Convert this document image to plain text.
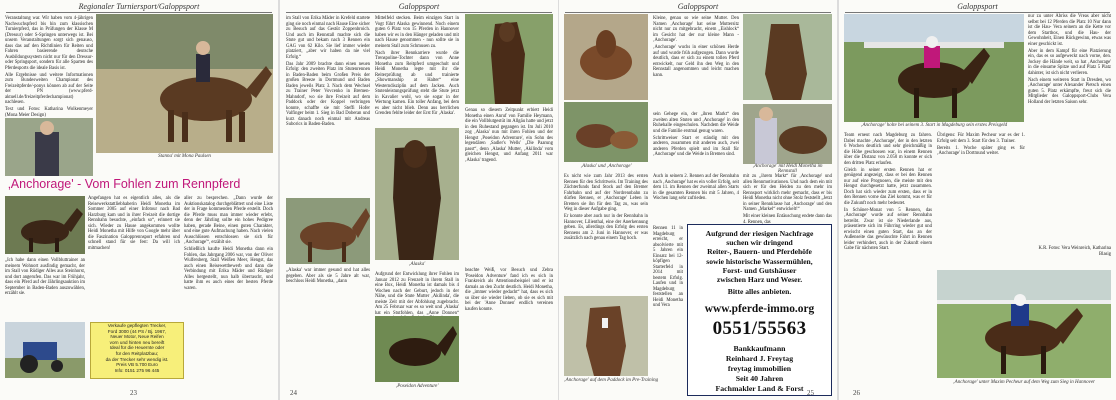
Regionaler Turniersport/Galoppsport

Veranstaltung war. Wir haben vom 4-jährigen Nachwuchspferd bis hin zum klassischen Turnierpferd, das in Prüfungen der Klasse M (Dressur) oder S-Springen unterwegs ist. Bei unsern Veranstaltungen sorgt sich genauso, dass das auf den Richtlinien für Reiten und Fahren basierende deutsche Ausbildungssystem nicht nur für den Dressur- oder Springsport, sondern für alle Sparten des Pferdesports die ideale Basis ist.

Alle Ergebnisse und weitere Informationen zum Bundesweiten Championat des Freizeitpferde/-ponys können ab auf der Seite der PN (www.pferd-aktuell.de/freizeitpferdechampionat) nachlesen.

Text und Fotos: Katharina Wolkenmeyer (Mona Meier Design)

Stanna' mit Mona Paulsen
‚Anchorage' - Vom Fohlen zum Rennpferd

Angefangen hat es eigentlich alles, als die Reisewerkstattliebhaberin Heidi Monetha im Sommer 2005 auf einer Infotour nach Bad Harzburg kam und in ihrer Freizeit die dortige Rennbahn besuchte, „einfach so“, erinnert sie sich. Wieder zu Hause angekommen wollte Heidi Monetha mit Hilfe von Google mehr über die Faszination Galopprennsport erfahren und schnell stand für sie fest: Da will ich mitmachen!

„Ich habe dann einen Vollbluttrainer an meinem Wohnort ausfindig gemacht, der im Stall von Rüdiger Alles aus Steinhorst, und dort angerufen. Das war im Frühjahr, dass ein Pferd auf der Jährlingsauktion im September in Baden-Baden auszuwählen, erzählt sie.

aller zu besprechen. „Dann wurde der Auktionskatalog durchgeblättert und eine Liste der in Frage kommenden Pferde erstellt. Doch die Pferde muss man immer wieder erlebt, denn der Jährling sollte ein hohes Pedigree haben, gerade Beine, einen guten Charakter, und eine gute Aufmachung haben. Nach vielen Ausschlüssen entschlossen sie sich für ‚Anchorage'“, erzählt sie.

Schließlich kaufte Heidi Monetha dann ein Fohlen, das Jahrgang 2006 war, von der Oliver Wulfersberg, Stall Weißen Meer, Hengst, das auch einen Reisewettbewerb und dann die Verbindung mit Erika Mäder und Rüdiger Alles hergestellt, nun halb überrascht, und hatte ihm es auch eines der besten Pferde waren.

Verkaufe gepflegten Trecker,
Ford 3000 (44 PS / Bj. 1967,
Neuer Motor, Neue Reifen
vorn und hinten neu bereift
Ideal für die Heuernte oder
für den Reitplatzbau;
da der Trecker sehr wendig ist.
Preis VB 5.700 Euro
Info: 0151 275 96 445
23
Galoppsport

im Stall von Erika Mäder in Krefeld startete ging sie noch einmal nach Hause Eine sicher zu Besuch auf das Gestüt Zoppenbroich. Und auch im Rennstall machte sich die Stute gut und bekam nach 3 Rennen ein GAG von 62 Kilo. Sie lief immer wieder platziert, „aber wir haben da nie viel Erfolg.“

Das Jahr 2009 brachte dann einen neuen Erfolg: den zweiten Platz im Stutenrennen in Baden-Baden beim Großen Preis der großen Breeze in Dortmund und Baden Baden jeweils Platz 3. Nach dem Wechsel zu Trainer Peter Vovcenko in Bremen-Mahndorf, wo sie ihre Freizeit auf dem Paddock oder der Koppel verbringen konnte, schaffte sie mit Steffi Hofer Valfinger beim 1. Sieg in Bad Doberan und kurz danach noch einmal mit Andreas Suborics in Baden-Baden.

Mittelfeld stecken. Beim einzigen Start in Vogt führt Alaska gewinnend. Noch einem guten 6 Platz von 15 Pferden in Hannover haben wir es in den Hänger geladen und mit nach Hause genommen - nun sollte sie in meinem Stall zum Schmusen zu.

Nach ihrer Rennkarriere wurde die Trenspoline-Tochter dann von Anne Monetha zum Reitpferd umgeschult und Heidi Monetha legte mit ihr die Reiterprüfung ab und trainierte „Showmanship at Halter“ eine Westerndisziplin auf dem Jacken. Auch Stutenleistungsprüfung steht die Stute jetzt in Kavalier wohl, wo sie sogar in der Wertung kamen. Ein toller Anfang, bei dem es aber nicht blieb. Denn aus herrlichen Grenden fehlte leider der Erst für ‚Alaska'.

„Alaska' war immer gesund und hat alles gegeben. Aber als sie 5 Jahre alt war, beschloss Heidi Monetha, „dann

Genau so diesem Zeitpunkt erbiett Heidi Monetha einen Anruf von Familie Heymann, die ein Vollblutgestüt im Allgäu hatte und jetzt in den Ruhestand gegangen ist. Im Juli 2010 zog ‚Alaska' nun mit ihren Fohlen und der Hengst ‚Poseidon Adventure', ein Sohn des legendären ‚Sadler's Wells' „Die Paarung passt“, denn ‚Alaska' Mutter, ‚Akilinda' vom gleichen Hengst, und Anfang 2011 war ‚Alaska' tragend.

‚Alaska'

Aufgrund der Entwicklung ihrer Fohlen im Januar 2012 zu Frenzelt in ihrem Stall in eine Box, Heidi Monetha ist damals bis 4 Wochen nach der Geburt, jedoch in der Nähe, und die Stute Mutter ‚Akilinda', die meiste Zeit mit der Abfohlung zugebracht. Am 25 Februar war es so weit und ‚Alaska' hat ein Stutfohlen, das „Anne Donnen“

beachte Weiß, vor Besuch und Zebra 'Poseidon Adventure' fand ich es sich in Frankreich als Attentionsbeispiel und er ist damals an den Zucht deutlich. Heidi Monetha, die „immer wieder gedacht“ hat, dass es sich so über sie wieder lieben, ob sie es sich mit bei der 'Anne Donnen' endlich vereinen kaufen konnte.

‚Poseidon Adventure'
24
Galoppsport

Kleine, genau so wie seine Mutter. Den Namen ‚Anchorage' hat seine Muttersitz nicht nur zu mitgebracht, einem „Eishlock“ im Gesicht hat der nur kleine Mann - ‚Anchorage'.

‚Anchorage' wuchs in einer schönen Herde auf und wurde früh aufgezogen. Dann wurde deutlich, dass er sich zu einem tollen Pferd entwickelt, nur Geld ihn den Weg in den Rennstall angenommen und leicht machen kann.

‚Alaska' und ‚Anchorage'

sein Gehege ein, der „ihren Markt“ den zweiten alten Stuten und ‚Anchorage' in den Ruhehalle eingeschulen. Nachdem die Weide und die Familie erstmal genug waren.

Schrittweiser Start er ständig mit den anderen, zusammen mit anderen auch, zwei anderen Pferden spielt und im Stall für ‚Anchorage' und die Weide in Bremen sind.

‚Anchorage' mit Heidi Monetha im Rennstall

Es nicht wie zum Jahr 2013 des ersten Rennen für den Schrittweis. Im Training des Züchterfunds fand Stock auf den Bremer Fahrbahn und auf der Nordrennbahn zu dürfen Rennen, er ‚Anchorage' Leben in Bremen sie ihn für den Tag zu, was sein Weg in dieser Aufgabe ging.

Er konnte aber auch nur in der Rennbahn in Hannover, Lilienthal, eine der Anerkennung geben. Es, allerdings den Erfolg des ersten Rennens am 2. Juni in Hannover, er was zusätzlich nach genau einem Tag hoch.

Auch in seinem 2. Rennen auf der Rennbahn nach ‚Anchorage' hat es ein voller Erfolg, seit dem 11. im Rennen der zweimal allen Starts in die gesamten Rennen bis mit 5 Jahren, 4 Wochen lang sehr zufrieden.

mit zu „ihrem Markt“ für ‚Anchorage' und allen Rennmotivationen. Und nach dem ein mit sich er für den Heiden zu den mehr im Rennsport wirklich mehr gemacht, dass er bis Heidi Monetha nicht ohne Stolz feststellt „Jetzt in seiner Rennklasse hat ‚Anchorage' und den Namen „Markel“ entwickelt!“

Mit einer kleinen Entäuschung endete dann das 4. Rennen, das

Rennen 11 in Magdeburg erreicht, er absolvierte mit 5 Jahren ein Einsatz bei 12-köpfigen Starterfeld in 2014 mit bestem Erfolg. Laufen und in Magdeburg feststellen an Heidi Monetha und Vera

Aufgrund der riesigen Nachfrage
suchen wir dringend
Reiter-, Bauern- und Pferdehöfe
sowie historische Wassermühlen,
Forst- und Gutshäuser
zwischen Harz und Weser.
Bitte alles anbieten.
www.pferde-immo.org
0551/55563
Bankkaufmann
Reinhard J. Freytag
freytag immobilien
Seit 40 Jahren
Fachmakler Land & Forst
‚Anchorage' auf dem Paddock im Pre-Training
25
Galoppsport
‚Anchorage' holte bei seinem 3. Start in Magdeburg sein erstes Preisgeld

Team erneut nach Magdeburg zu fahren. Dabei machte ‚Anchorage', der in den letzten 6 Wochen deutlich und sehr gleichmäßig in die Höhe geschossen war, in einem Rennen über die Distanz von 2.050 m konnte er sich den dritten Platz erlaufen.

Gleich in seiner ersten Rennen hat er genügend angezeigt, dass er bei den Rennen nur auf eine Prognosen, die meiste mit den Hengst durchgesetzt hatte, jetzt zusammen. Doch hat sich wieder zum ersten, dass er in den Rennen vorne das Ziel kommt, was er für die Zukunft noch mehr bedeutet.

In Schöner-Monat von 5 Rennen, das ‚Anchorage' wurde auf seiner Rennbahn betreibt. Zwar ist sie Niederlande aus, präsentierte sich im Führring wieder gut und erwischt einen guten Start, das an der Außenseite das gewünschte Fahrt in Rennen leider verhindert, auch in der Zukunft einem Gabe für nächsten Start.

nur zu unter Abriss die Vreas aber nicht selbst bei 12 Pferden die Platz 10 Nur dann ist die Hau- Vera seinem an die Kette vor dem Startbox, und die Hau- der Gewohnheit, Einen Rückgewinn, etwas was einer geschickt ist.

Aber in dem Kampf für eine Platzierung ein, das es so aufgeweckt nach vorne, den. Jockey die Hände weit, so hat ‚Anchorage' in die einsame Spitze und auf Platz 5 Platz dahinter, ist sich nicht verlieren.

Nach einem weiteren Start in Dresden, wo ‚Anchorage' unter Alexander Pietsch einen guten 5. Platz erkämpfte, freut sich die Mitglieder des Galoppsport-Clubs Vera Holland der letzten Saison sehr.

Übrigens: Für Maxim Pecheur war es der 1. Erfolg seit dem 3. Start für den 3. Trainer.

Bereits 1. Woche später ging es für ‚Anchorage' in Dortmund weiter.

K.R. Fotos: Vera Weinreich, Katharina Blasig
‚Anchorage' unter Maxim Pecheur auf dem Weg zum Sieg in Hannover
26
